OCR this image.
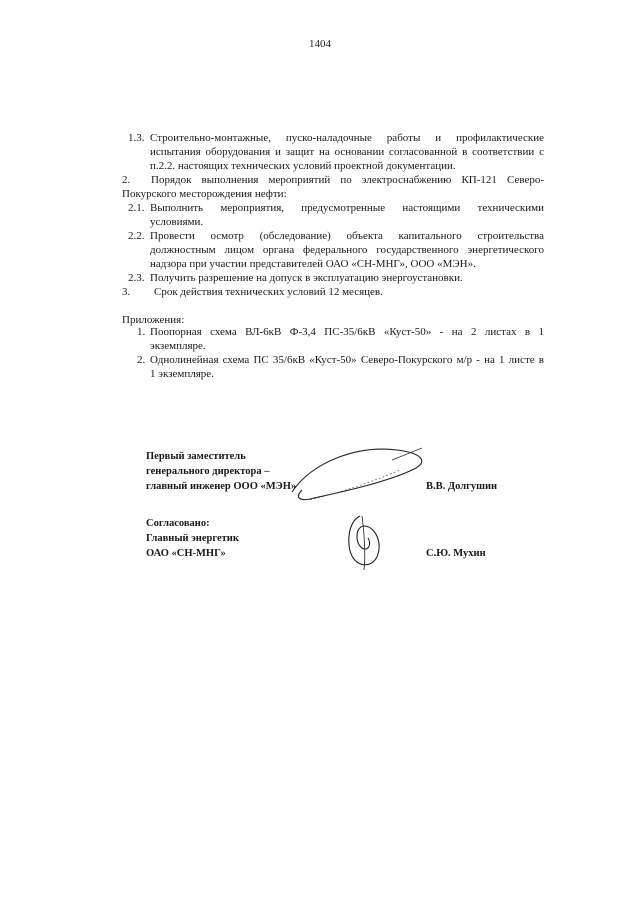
1404
1.3. Строительно-монтажные, пуско-наладочные работы и профилактические
испытания оборудования и защит на основании согласованной в соответствии с
п.2.2. настоящих технических условий проектной документации.
2. Порядок выполнения мероприятий по электроснабжению КП-121 Северо-
Покурского месторождения нефти:
2.1. Выполнить мероприятия, предусмотренные настоящими техническими
условиями.
2.2. Провести осмотр (обследование) объекта капитального строительства
должностным лицом органа федерального государственного энергетического
надзора при участии представителей ОАО «СН-МНГ», ООО «МЭН».
2.3. Получить разрешение на допуск в эксплуатацию энергоустановки.
3. Срок действия технических условий 12 месяцев.
Приложения:
1. Поопорная схема ВЛ-6кВ Ф-3,4 ПС-35/6кВ «Куст-50» - на 2 листах в 1
экземпляре.
2. Однолинейная схема ПС 35/6кВ «Куст-50» Северо-Покурского м/р - на 1 листе в
1 экземпляре.
Первый заместитель
генерального директора –
главный инженер ООО «МЭН»	В.В. Долгушин
Согласовано:
Главный энергетик
ОАО «СН-МНГ»	С.Ю. Мухин
